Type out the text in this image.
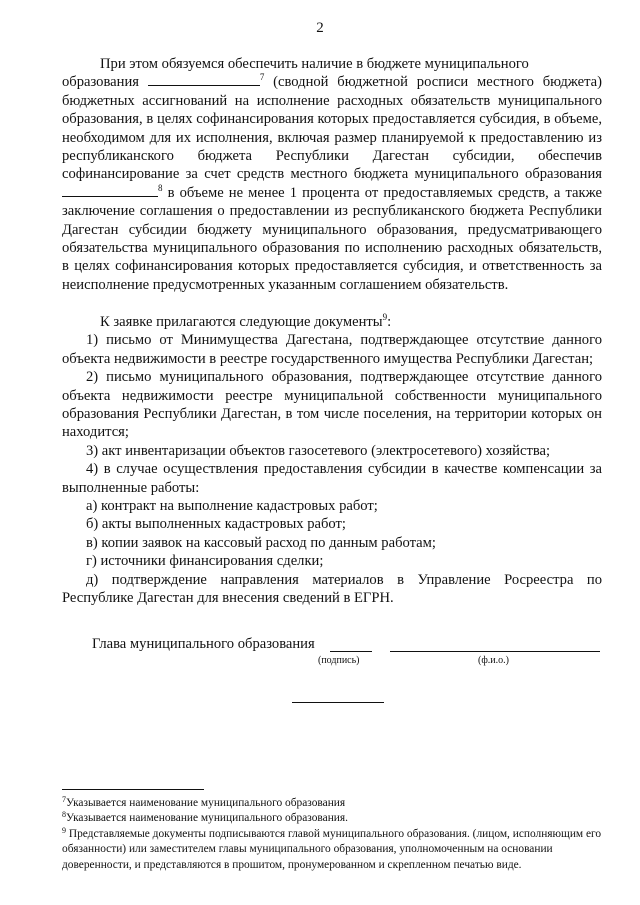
2

При этом обязуемся обеспечить наличие в бюджете муниципального

образования	$^7$ (сводной бюджетной росписи местного бюджета) бюджетных ассигнований на исполнение расходных обязательств муниципального образования, в целях софинансирования которых предоставляется субсидия, в объеме, необходимом для их исполнения, включая размер планируемой к предоставлению из республиканского бюджета Республики Дагестан субсидии, обеспечив софинансирование за счет средств местного бюджета муниципального образования $^8$ в объеме не менее 1 процента от предоставляемых средств, а также заключение соглашения о предоставлении из республиканского бюджета Республики Дагестан субсидии бюджету муниципального образования, предусматривающего обязательства муниципального образования по исполнению расходных обязательств, в целях софинансирования которых предоставляется субсидия, и ответственность за неисполнение предусмотренных указанным соглашением обязательств.

К заявке прилагаются следующие документы$^9$:

1) письмо от Минимущества Дагестана, подтверждающее отсутствие данного объекта недвижимости в реестре государственного имущества Республики Дагестан;

2) письмо муниципального образования, подтверждающее отсутствие данного объекта недвижимости реестре муниципальной собственности муниципального образования Республики Дагестан, в том числе поселения, на территории которых он находится;

3) акт инвентаризации объектов газосетевого (электросетевого) хозяйства;

4) в случае осуществления предоставления субсидии в качестве компенсации за выполненные работы:

а) контракт на выполнение кадастровых работ;

б) акты выполненных кадастровых работ;

в) копии заявок на кассовый расход по данным работам;

г) источники финансирования сделки;

д) подтверждение направления материалов в Управление Росреестра по Республике Дагестан для внесения сведений в ЕГРН.

Глава муниципального образования
(подпись)	(ф.и.о.)

$^7$Указывается наименование муниципального образования

$^8$Указывается наименование муниципального образования.

$^9$ Представляемые документы подписываются главой муниципального образования. (лицом, исполняющим его обязанности) или заместителем главы муниципального образования, уполномоченным на основании доверенности, и представляются в прошитом, пронумерованном и скрепленном печатью виде.
